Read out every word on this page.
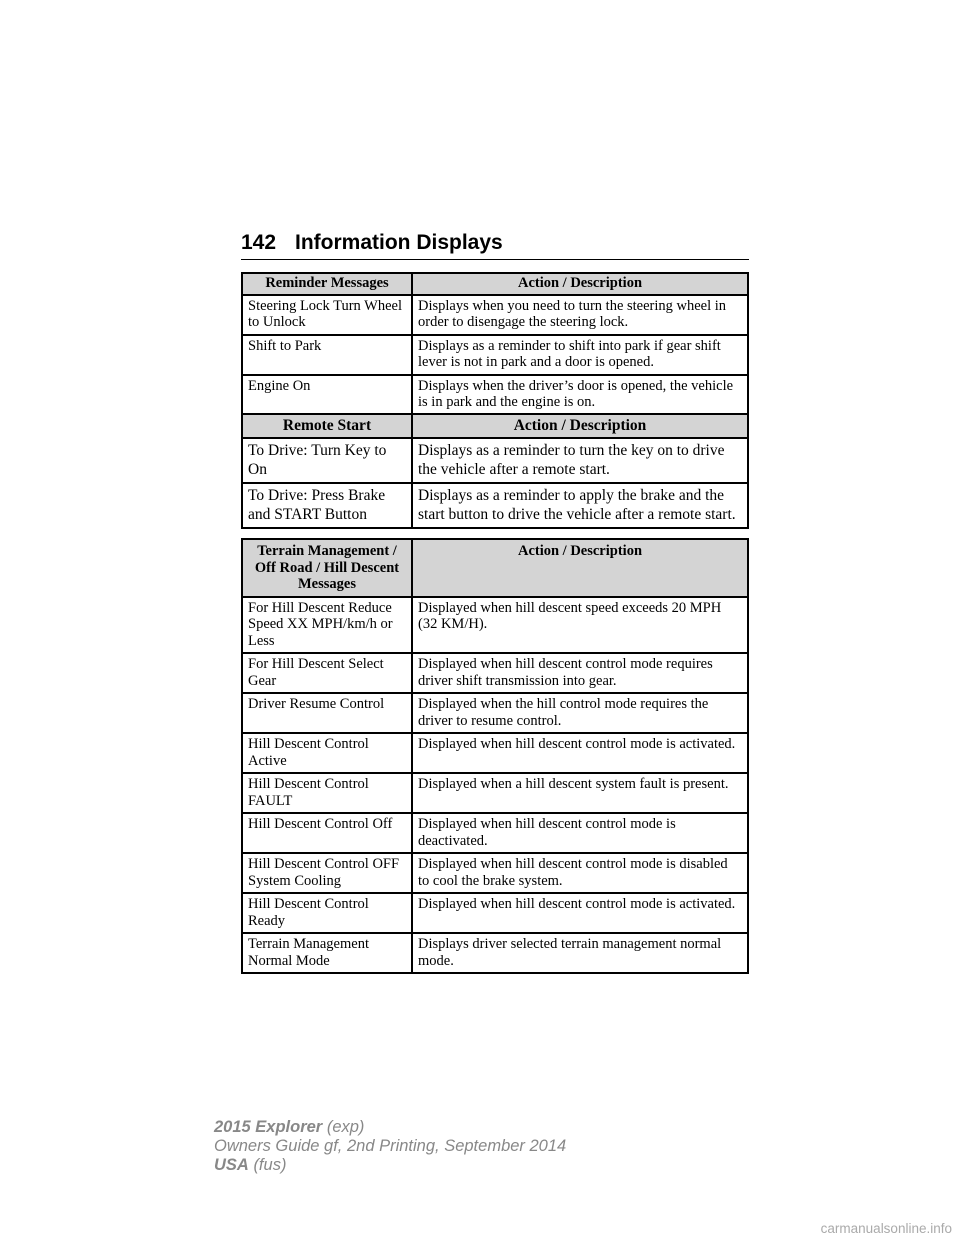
142 Information Displays
Reminder Messages	Action / Description
Steering Lock Turn Wheel to Unlock	Displays when you need to turn the steering wheel in order to disengage the steering lock.
Shift to Park	Displays as a reminder to shift into park if gear shift lever is not in park and a door is opened.
Engine On	Displays when the driver’s door is opened, the vehicle is in park and the engine is on.
Remote Start	Action / Description
To Drive: Turn Key to On	Displays as a reminder to turn the key on to drive the vehicle after a remote start.
To Drive: Press Brake and START Button	Displays as a reminder to apply the brake and the start button to drive the vehicle after a remote start.
Terrain Management / Off Road / Hill Descent Messages	Action / Description
For Hill Descent Reduce Speed XX MPH/km/h or Less	Displayed when hill descent speed exceeds 20 MPH (32 KM/H).
For Hill Descent Select Gear	Displayed when hill descent control mode requires driver shift transmission into gear.
Driver Resume Control	Displayed when the hill control mode requires the driver to resume control.
Hill Descent Control Active	Displayed when hill descent control mode is activated.
Hill Descent Control FAULT	Displayed when a hill descent system fault is present.
Hill Descent Control Off	Displayed when hill descent control mode is deactivated.
Hill Descent Control OFF System Cooling	Displayed when hill descent control mode is disabled to cool the brake system.
Hill Descent Control Ready	Displayed when hill descent control mode is activated.
Terrain Management Normal Mode	Displays driver selected terrain management normal mode.
2015 Explorer (exp)
Owners Guide gf, 2nd Printing, September 2014
USA (fus)
carmanualsonline.info
